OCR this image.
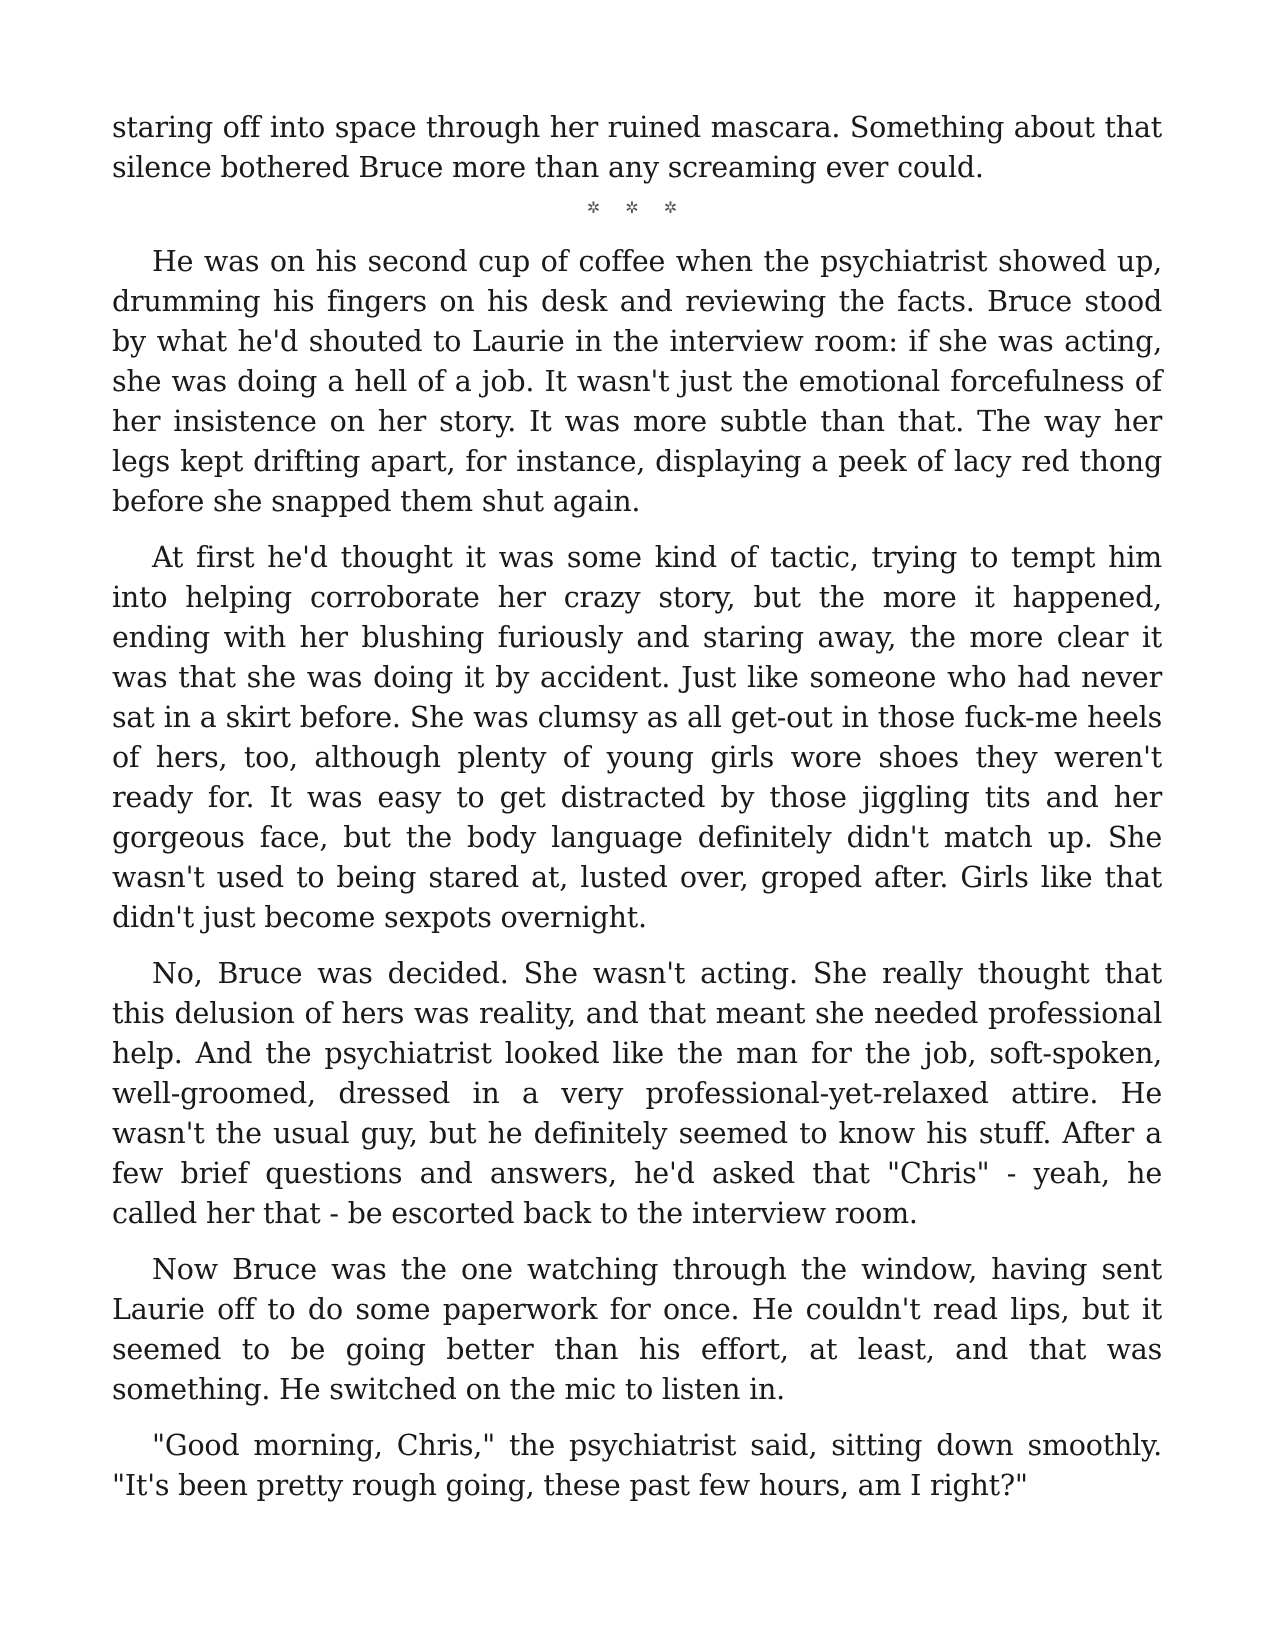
staring off into space through her ruined mascara. Something about that silence bothered Bruce more than any screaming ever could.

✲ ✲ ✲

He was on his second cup of coffee when the psychiatrist showed up, drumming his fingers on his desk and reviewing the facts. Bruce stood by what he'd shouted to Laurie in the interview room: if she was acting, she was doing a hell of a job. It wasn't just the emotional forcefulness of her insistence on her story. It was more subtle than that. The way her legs kept drifting apart, for instance, displaying a peek of lacy red thong before she snapped them shut again.

At first he'd thought it was some kind of tactic, trying to tempt him into helping corroborate her crazy story, but the more it happened, ending with her blushing furiously and staring away, the more clear it was that she was doing it by accident. Just like someone who had never sat in a skirt before. She was clumsy as all get-out in those fuck-me heels of hers, too, although plenty of young girls wore shoes they weren't ready for. It was easy to get distracted by those jiggling tits and her gorgeous face, but the body language definitely didn't match up. She wasn't used to being stared at, lusted over, groped after. Girls like that didn't just become sexpots overnight.

No, Bruce was decided. She wasn't acting. She really thought that this delusion of hers was reality, and that meant she needed professional help. And the psychiatrist looked like the man for the job, soft-spoken, well-groomed, dressed in a very professional-yet-relaxed attire. He wasn't the usual guy, but he definitely seemed to know his stuff. After a few brief questions and answers, he'd asked that "Chris" - yeah, he called her that - be escorted back to the interview room.

Now Bruce was the one watching through the window, having sent Laurie off to do some paperwork for once. He couldn't read lips, but it seemed to be going better than his effort, at least, and that was something. He switched on the mic to listen in.

"Good morning, Chris," the psychiatrist said, sitting down smoothly. "It's been pretty rough going, these past few hours, am I right?"
